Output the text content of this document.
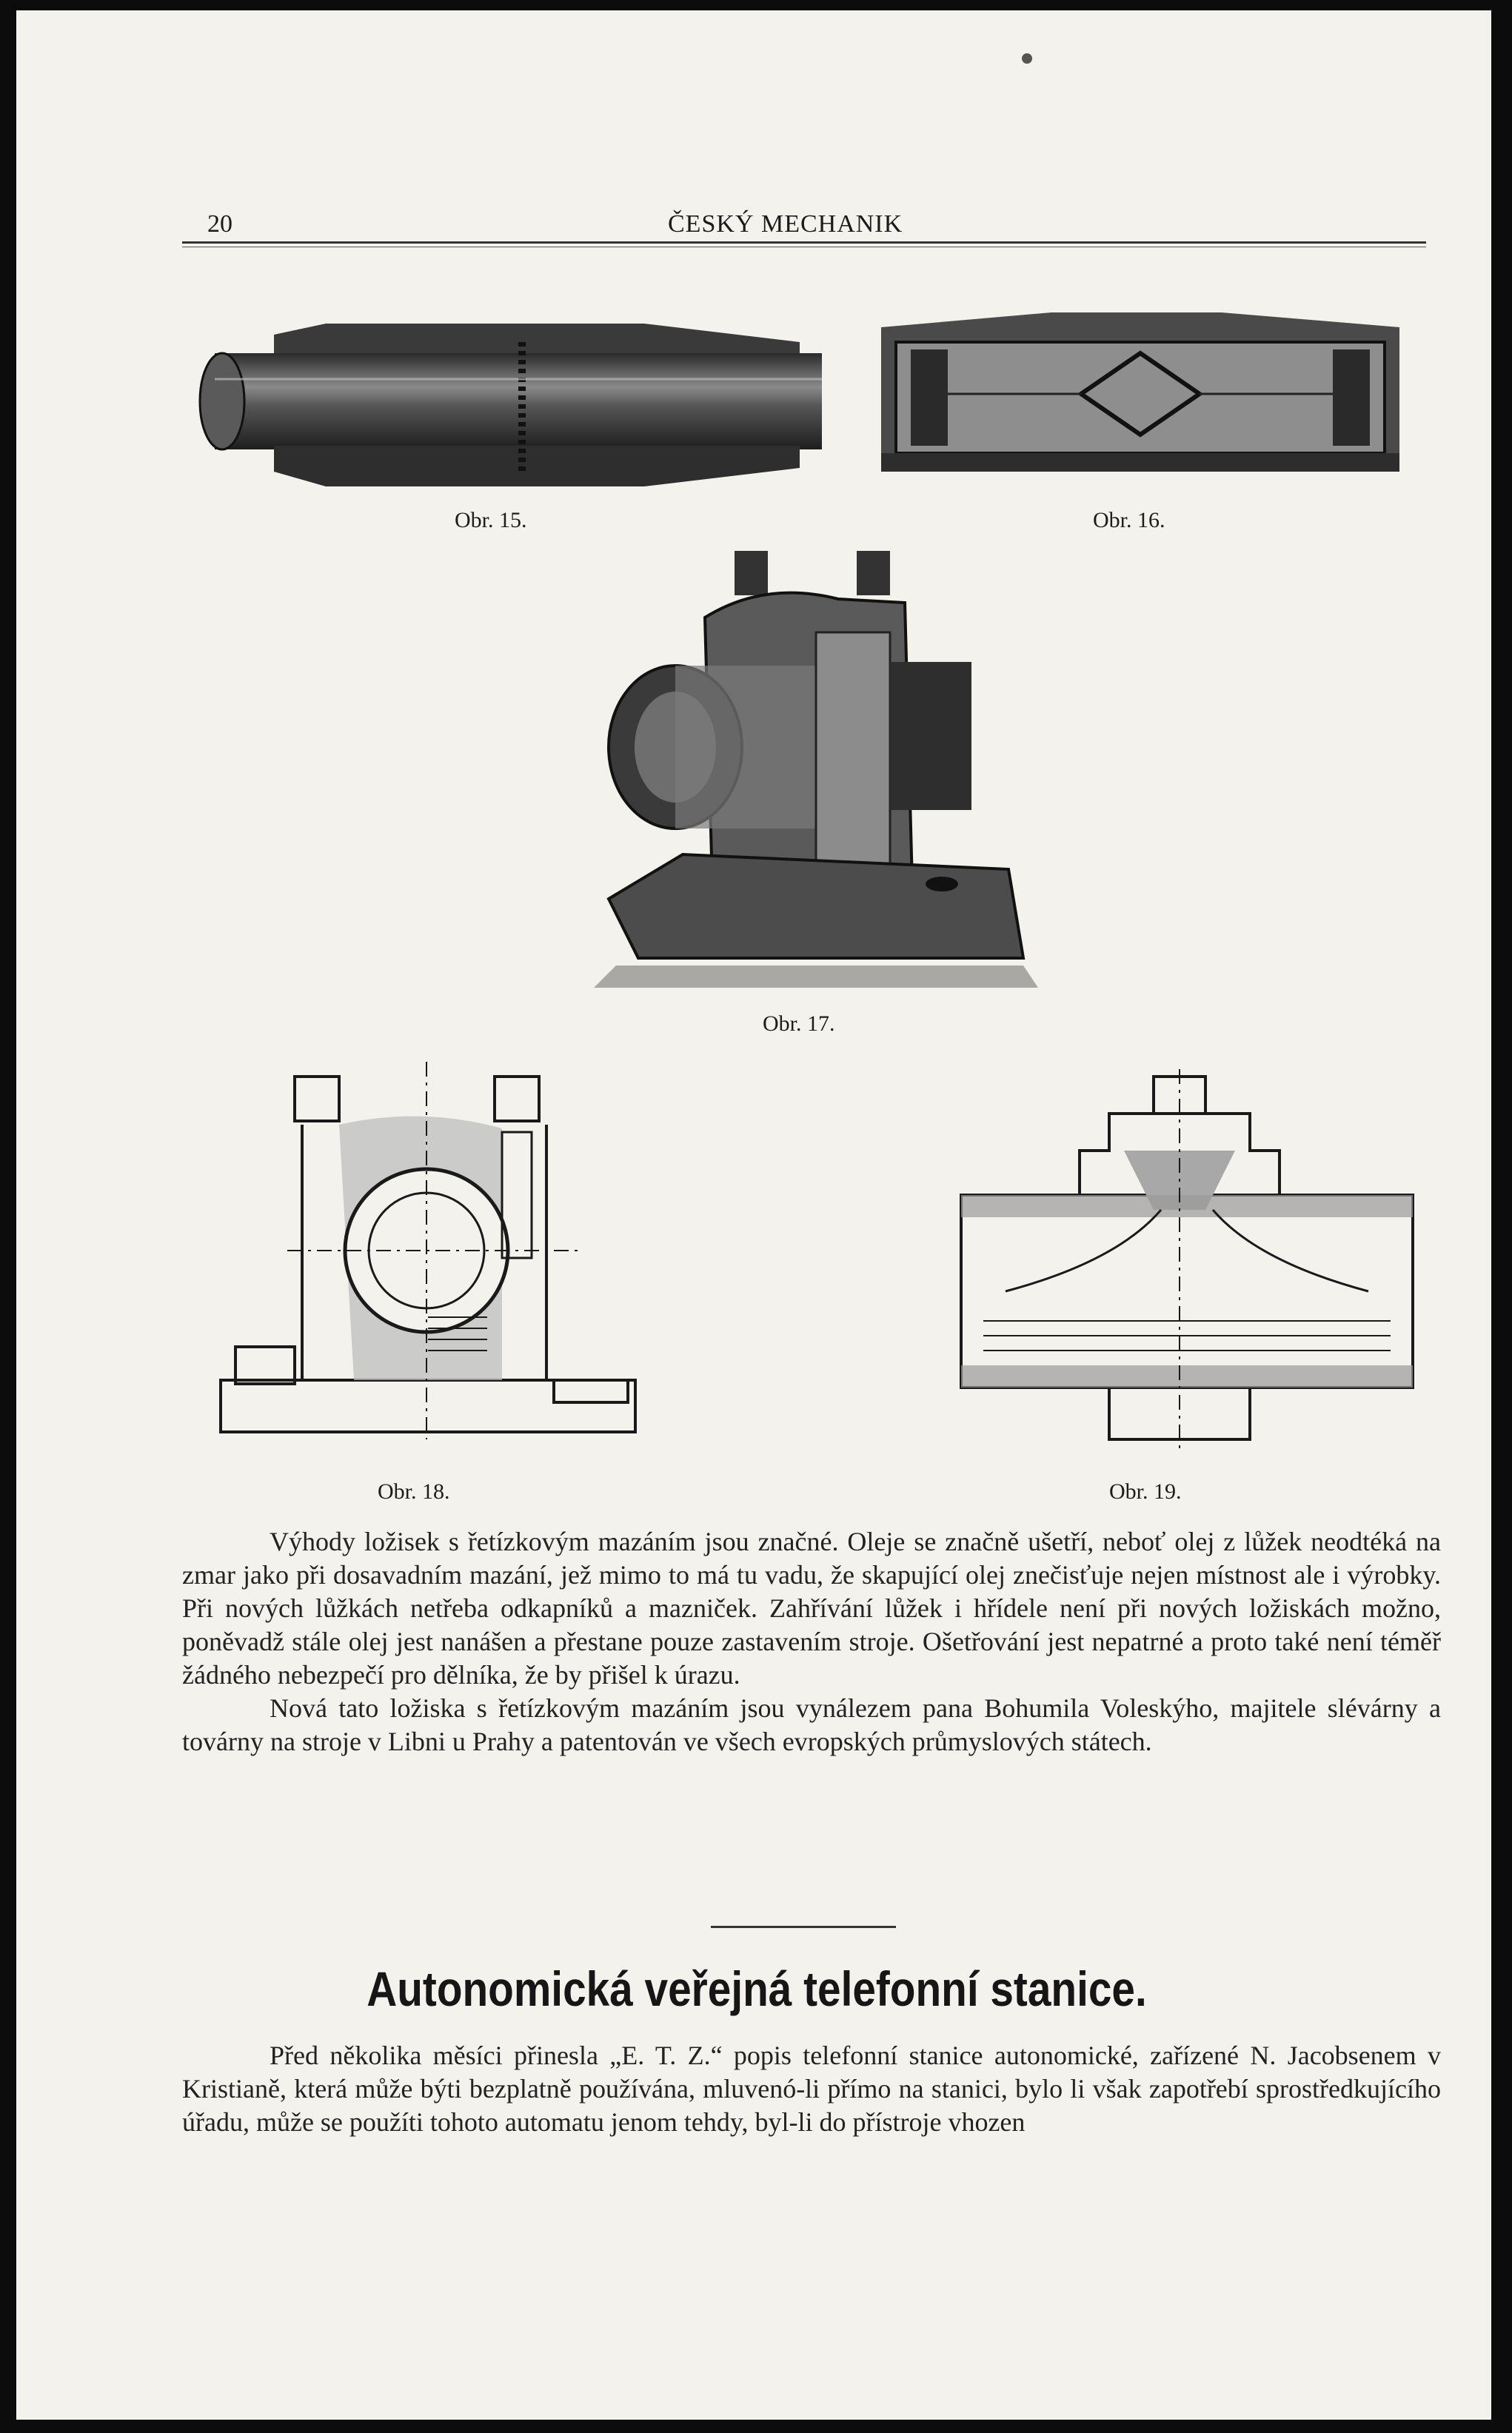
20	ČESKÝ MECHANIK
Obr. 15.	Obr. 16.
Obr. 17.
Obr. 18.	Obr. 19.

Výhody ložisek s řetízkovým mazáním jsou značné. Oleje se značně ušetří, neboť olej z lůžek neodtéká na zmar jako při dosavadním mazání, jež mimo to má tu vadu, že skapující olej znečisťuje nejen místnost ale i výrobky. Při nových lůžkách netřeba odkapníků a mazniček. Zahřívání lůžek i hřídele není při nových ložiskách možno, poněvadž stále olej jest nanášen a přestane pouze zastavením stroje. Ošetřování jest nepatrné a proto také není téměř žádného nebezpečí pro dělníka, že by přišel k úrazu.

Nová tato ložiska s řetízkovým mazáním jsou vynálezem pana Bohumila Voleskýho, majitele slévárny a továrny na stroje v Libni u Prahy a patentován ve všech evropských průmyslových státech.

Autonomická veřejná telefonní stanice.

Před několika měsíci přinesla „E. T. Z.“ popis telefonní stanice autonomické, zařízené N. Jacobsenem v Kristianě, která může býti bezplatně používána, mluvenó-li přímo na stanici, bylo li však zapotřebí sprostředkujícího úřadu, může se použíti tohoto automatu jenom tehdy, byl-li do přístroje vhozen
